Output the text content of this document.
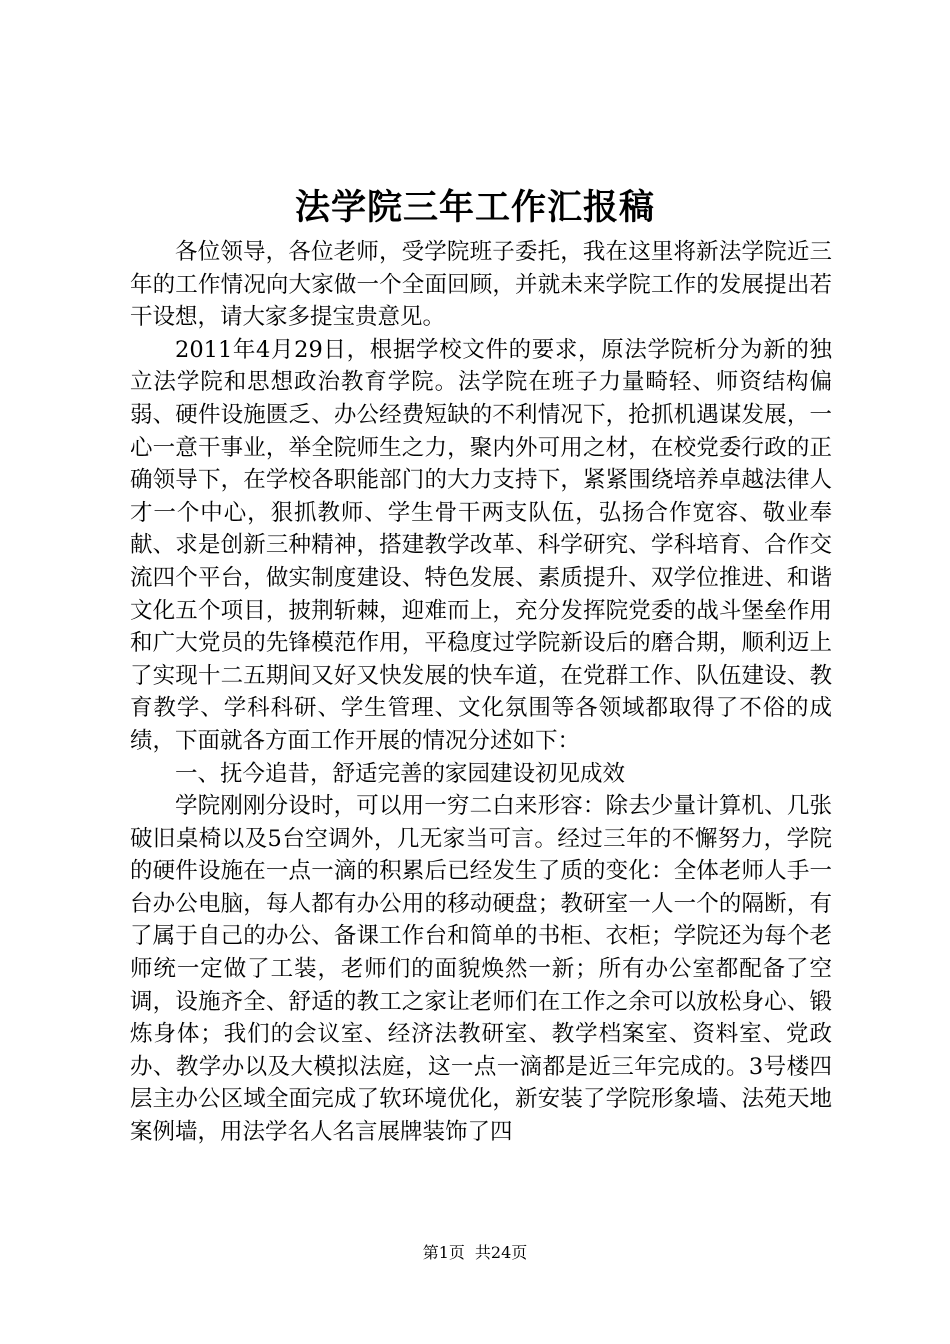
法学院三年工作汇报稿

各位领导，各位老师，受学院班子委托，我在这里将新法学院近三年的工作情况向大家做一个全面回顾，并就未来学院工作的发展提出若干设想，请大家多提宝贵意见。

2011年4月29日，根据学校文件的要求，原法学院析分为新的独立法学院和思想政治教育学院。法学院在班子力量畸轻、师资结构偏弱、硬件设施匮乏、办公经费短缺的不利情况下，抢抓机遇谋发展，一心一意干事业，举全院师生之力，聚内外可用之材，在校党委行政的正确领导下，在学校各职能部门的大力支持下，紧紧围绕培养卓越法律人才一个中心，狠抓教师、学生骨干两支队伍，弘扬合作宽容、敬业奉献、求是创新三种精神，搭建教学改革、科学研究、学科培育、合作交流四个平台，做实制度建设、特色发展、素质提升、双学位推进、和谐文化五个项目，披荆斩棘，迎难而上，充分发挥院党委的战斗堡垒作用和广大党员的先锋模范作用，平稳度过学院新设后的磨合期，顺利迈上了实现十二五期间又好又快发展的快车道，在党群工作、队伍建设、教育教学、学科科研、学生管理、文化氛围等各领域都取得了不俗的成绩，下面就各方面工作开展的情况分述如下：

一、抚今追昔，舒适完善的家园建设初见成效

学院刚刚分设时，可以用一穷二白来形容：除去少量计算机、几张破旧桌椅以及5台空调外，几无家当可言。经过三年的不懈努力，学院的硬件设施在一点一滴的积累后已经发生了质的变化：全体老师人手一台办公电脑，每人都有办公用的移动硬盘；教研室一人一个的隔断，有了属于自己的办公、备课工作台和简单的书柜、衣柜；学院还为每个老师统一定做了工装，老师们的面貌焕然一新；所有办公室都配备了空调，设施齐全、舒适的教工之家让老师们在工作之余可以放松身心、锻炼身体；我们的会议室、经济法教研室、教学档案室、资料室、党政办、教学办以及大模拟法庭，这一点一滴都是近三年完成的。3号楼四层主办公区域全面完成了软环境优化，新安装了学院形象墙、法苑天地案例墙，用法学名人名言展牌装饰了四

第1页 共24页
